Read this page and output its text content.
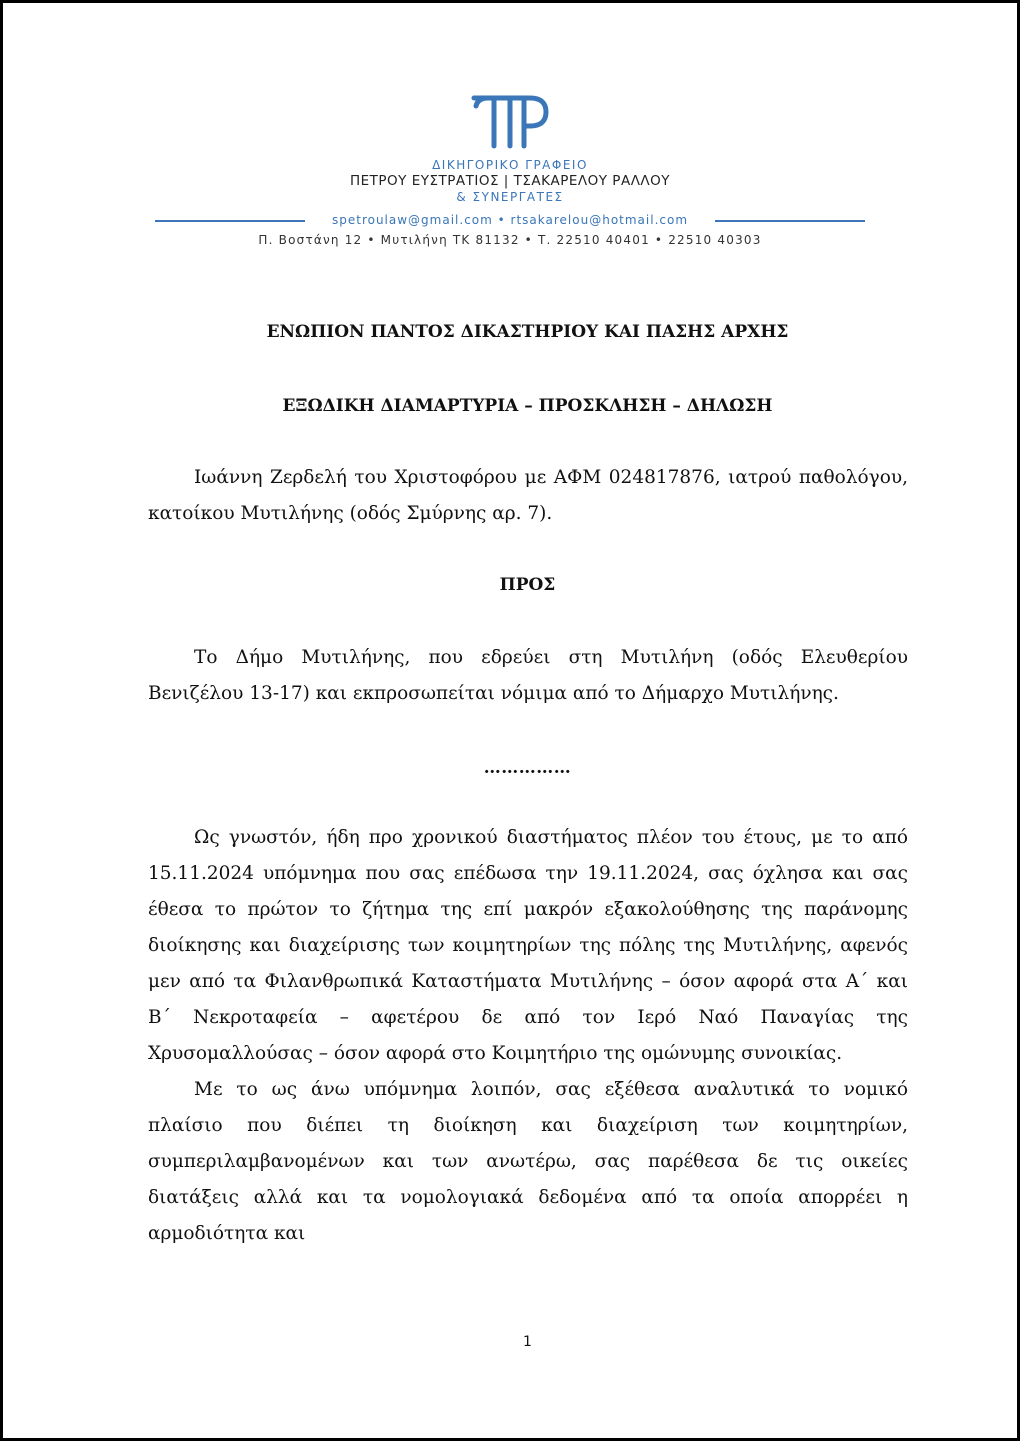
ΔΙΚΗΓΟΡΙΚΟ ΓΡΑΦΕΙΟ
ΠΕΤΡΟΥ ΕΥΣΤΡΑΤΙΟΣ | ΤΣΑΚΑΡΕΛΟΥ ΡΑΛΛΟΥ
& ΣΥΝΕΡΓΑΤΕΣ
spetroulaw@gmail.com • rtsakarelou@hotmail.com
Π. Βοστάνη 12 • Μυτιλήνη ΤΚ 81132 • Τ. 22510 40401 • 22510 40303
ΕΝΩΠΙΟΝ ΠΑΝΤΟΣ ΔΙΚΑΣΤΗΡΙΟΥ ΚΑΙ ΠΑΣΗΣ ΑΡΧΗΣ
ΕΞΩΔΙΚΗ ΔΙΑΜΑΡΤΥΡΙΑ – ΠΡΟΣΚΛΗΣΗ – ΔΗΛΩΣΗ

Ιωάννη Ζερδελή του Χριστοφόρου με ΑΦΜ 024817876, ιατρού παθολόγου, κατοίκου Μυτιλήνης (οδός Σμύρνης αρ. 7).

ΠΡΟΣ

Το Δήμο Μυτιλήνης, που εδρεύει στη Μυτιλήνη (οδός Ελευθερίου Βενιζέλου 13-17) και εκπροσωπείται νόμιμα από το Δήμαρχο Μυτιλήνης.

……………

Ως γνωστόν, ήδη προ χρονικού διαστήματος πλέον του έτους, με το από 15.11.2024 υπόμνημα που σας επέδωσα την 19.11.2024, σας όχλησα και σας έθεσα το πρώτον το ζήτημα της επί μακρόν εξακολούθησης της παράνομης διοίκησης και διαχείρισης των κοιμητηρίων της πόλης της Μυτιλήνης, αφενός μεν από τα Φιλανθρωπικά Καταστήματα Μυτιλήνης – όσον αφορά στα Α΄ και Β΄ Νεκροταφεία – αφετέρου δε από τον Ιερό Ναό Παναγίας της Χρυσομαλλούσας – όσον αφορά στο Κοιμητήριο της ομώνυμης συνοικίας.

Με το ως άνω υπόμνημα λοιπόν, σας εξέθεσα αναλυτικά το νομικό πλαίσιο που διέπει τη διοίκηση και διαχείριση των κοιμητηρίων, συμπεριλαμβανομένων και των ανωτέρω, σας παρέθεσα δε τις οικείες διατάξεις αλλά και τα νομολογιακά δεδομένα από τα οποία απορρέει η αρμοδιότητα και

1
